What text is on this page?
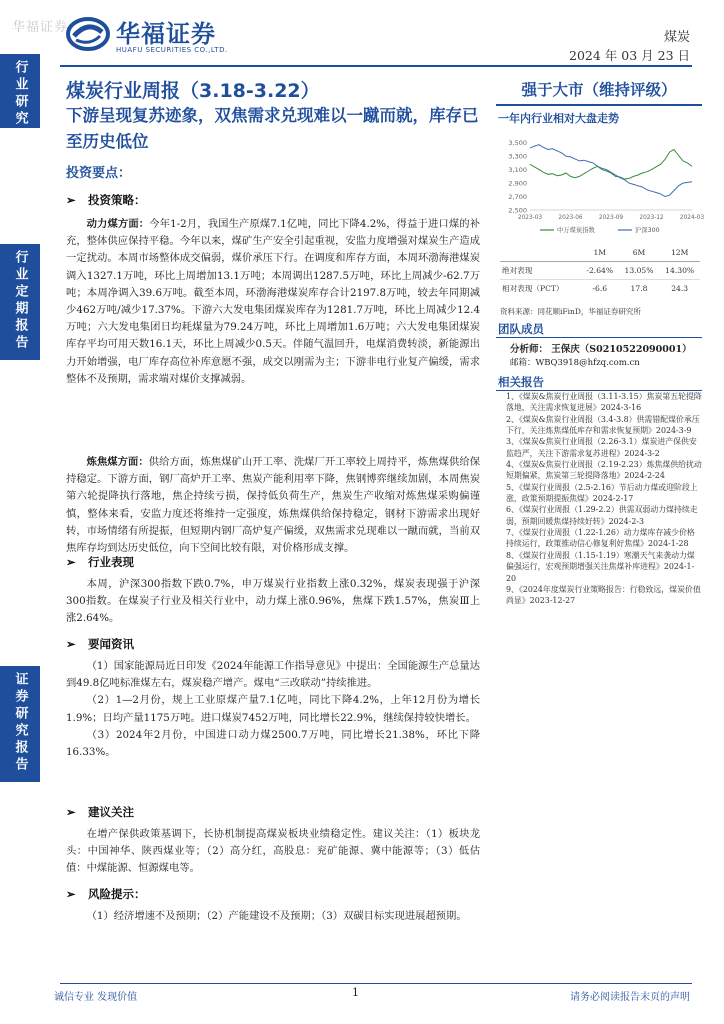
华福证券 华福证券
HUAFU SECURITIES CO.,LTD.
煤炭
2024 年 03 月 23 日
行业研究
行业定期报告
证券研究报告
煤炭行业周报（3.18-3.22）
下游呈现复苏迹象，双焦需求兑现难以一蹴而就，库存已至历史低位
投资要点：
➢ 投资策略：

动力煤方面：今年1-2月，我国生产原煤7.1亿吨，同比下降4.2%，得益于进口煤的补充，整体供应保持平稳。今年以来，煤矿生产安全引起重视，安监力度增强对煤炭生产造成一定扰动。本周市场整体成交偏弱，煤价承压下行。在调度和库存方面，本周环渤海港煤炭调入1327.1万吨，环比上周增加13.1万吨；本周调出1287.5万吨，环比上周减少-62.7万吨；本周净调入39.6万吨。截至本周，环渤海港煤炭库存合计2197.8万吨，较去年同期减少462万吨/减少17.37%。下游六大发电集团煤炭库存为1281.7万吨，环比上周减少12.4万吨；六大发电集团日均耗煤量为79.24万吨，环比上周增加1.6万吨；六大发电集团煤炭库存平均可用天数16.1天，环比上周减少0.5天。伴随气温回升，电煤消费转淡，新能源出力开始增强，电厂库存高位补库意愿不强，成交以刚需为主；下游非电行业复产偏缓，需求整体不及预期，需求端对煤价支撑减弱。

炼焦煤方面：供给方面，炼焦煤矿山开工率、洗煤厂开工率较上周持平，炼焦煤供给保持稳定。下游方面，钢厂高炉开工率、焦炭产能利用率下降，焦钢博弈继续加剧，本周焦炭第六轮提降执行落地，焦企持续亏损，保持低负荷生产，焦炭生产收缩对炼焦煤采购偏谨慎，整体来看，安监力度还将维持一定强度，炼焦煤供给保持稳定，钢材下游需求出现好转，市场情绪有所提振，但短期内钢厂高炉复产偏缓，双焦需求兑现难以一蹴而就，当前双焦库存均到达历史低位，向下空间比较有限，对价格形成支撑。

➢ 行业表现

本周，沪深300指数下跌0.7%，申万煤炭行业指数上涨0.32%，煤炭表现强于沪深300指数。在煤炭子行业及相关行业中，动力煤上涨0.96%，焦煤下跌1.57%，焦炭Ⅲ上涨2.64%。

➢ 要闻资讯

（1）国家能源局近日印发《2024年能源工作指导意见》中提出：全国能源生产总量达到49.8亿吨标准煤左右，煤炭稳产增产。煤电“三改联动”持续推进。

（2）1—2月份，规上工业原煤产量7.1亿吨，同比下降4.2%，上年12月份为增长1.9%；日均产量1175万吨。进口煤炭7452万吨，同比增长22.9%，继续保持较快增长。

（3）2024年2月份，中国进口动力煤2500.7万吨，同比增长21.38%，环比下降16.33%。

➢ 建议关注

在增产保供政策基调下，长协机制提高煤炭板块业绩稳定性。建议关注：（1）板块龙头：中国神华、陕西煤业等；（2）高分红，高股息：兖矿能源、冀中能源等；（3）低估值：中煤能源、恒源煤电等。

➢ 风险提示：

（1）经济增速不及预期；（2）产能建设不及预期；（3）双碳目标实现进展超预期。

强于大市（维持评级）
一年内行业相对大盘走势
3,500
3,300
3,100
2,900
2,700
2,500
2023-03	2023-06	2023-09	2023-12	2024-03
中万煤炭指数	沪深300
	1M	6M	12M
绝对表现	-2.64%	13.05%	14.30%
相对表现（PCT）	-6.6	17.8	24.3
资料来源：同花顺iFinD，华福证券研究所
团队成员
分析师： 王保庆（S0210522090001）
邮箱：WBQ3918@hfzq.com.cn
相关报告
1、《煤炭&焦炭行业周报（3.11-3.15）焦炭第五轮提降落地，关注需求恢复进展》2024-3-16
2、《煤炭&焦炭行业周报（3.4-3.8）供需错配煤价承压下行，关注炼焦煤低库存和需求恢复预期》2024-3-9
3、《煤炭&焦炭行业周报（2.26-3.1）煤炭进产保供安监趋严，关注下游需求复苏进程》2024-3-2
4、《煤炭&焦炭行业周报（2.19-2.23）炼焦煤供给扰动短期偏紧，焦炭第三轮提降落地》2024-2-24
5、《煤炭行业周报（2.5-2.16）节后动力煤或迎阶段上涨，政策预期提振焦煤》2024-2-17
6、《煤炭行业周报（1.29-2.2）供需双弱动力煤持续走弱，预期回暖焦煤持续好转》2024-2-3
7、《煤炭行业周报（1.22-1.26）动力煤库存减少价格持续运行，政策推动信心修复利好焦煤》2024-1-28
8、《煤炭行业周报（1.15-1.19）寒潮天气来袭动力煤偏强运行，宏观预期增强关注焦煤补库进程》2024-1-20
9、《2024年度煤炭行业策略报告：行稳致远，煤炭价值尚显》2023-12-27
诚信专业 发现价值	1	请务必阅读报告末页的声明
